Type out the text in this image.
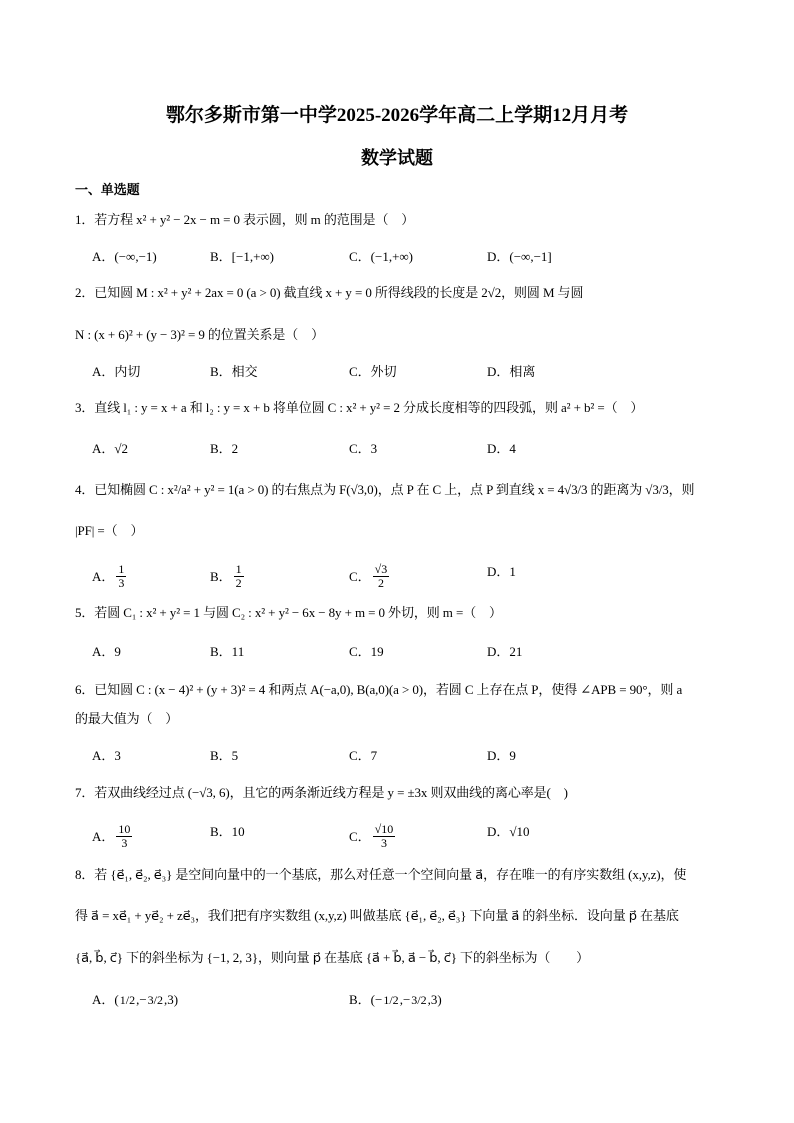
鄂尔多斯市第一中学2025-2026学年高二上学期12月月考
数学试题
一、单选题
1．若方程 x² + y² − 2x − m = 0 表示圆，则 m 的范围是（　）
A． (−∞,−1)	B． [−1,+∞)	C． (−1,+∞)	D． (−∞,−1]
2．已知圆 M : x² + y² + 2ax = 0 (a > 0) 截直线 x + y = 0 所得线段的长度是 2√2，则圆 M 与圆
N : (x + 6)² + (y − 3)² = 9 的位置关系是（　）
A． 内切	B． 相交	C． 外切	D． 相离
3．直线 l₁ : y = x + a 和 l₂ : y = x + b 将单位圆 C : x² + y² = 2 分成长度相等的四段弧，则 a² + b² =（　）
A． √2	B． 2	C． 3	D． 4
4．已知椭圆 C : x²/a² + y² = 1(a > 0) 的右焦点为 F(√3,0)，点 P 在 C 上，点 P 到直线 x = 4√3/3 的距离为 √3/3，则
|PF| =（　）
A． $\frac{1}{3}$	B． $\frac{1}{2}$	C． $\frac{√3}{2}$	D． 1
5．若圆 C₁ : x² + y² = 1 与圆 C₂ : x² + y² − 6x − 8y + m = 0 外切，则 m =（　）
A． 9	B． 11	C． 19	D． 21
6．已知圆 C : (x − 4)² + (y + 3)² = 4 和两点 A(−a,0), B(a,0)(a > 0)，若圆 C 上存在点 P，使得 ∠APB = 90°，则 a
的最大值为（　）
A． 3	B． 5	C． 7	D． 9
7．若双曲线经过点 (−√3, 6)，且它的两条渐近线方程是 y = ±3x 则双曲线的离心率是(　)
A． $\frac{10}{3}$	B． 10	C． $\frac{√10}{3}$	D． √10
8．若 {e⃗₁, e⃗₂, e⃗₃} 是空间向量中的一个基底，那么对任意一个空间向量 a⃗，存在唯一的有序实数组 (x,y,z)，使
得 a⃗ = xe⃗₁ + ye⃗₂ + ze⃗₃，我们把有序实数组 (x,y,z) 叫做基底 {e⃗₁, e⃗₂, e⃗₃} 下向量 a⃗ 的斜坐标．设向量 p⃗ 在基底
{a⃗, b⃗, c⃗} 下的斜坐标为 {−1, 2, 3}，则向量 p⃗ 在基底 {a⃗ + b⃗, a⃗ − b⃗, c⃗} 下的斜坐标为（　　）
A． ( 1/2 ,− 3/2 ,3)	B． (− 1/2 ,− 3/2 ,3)
